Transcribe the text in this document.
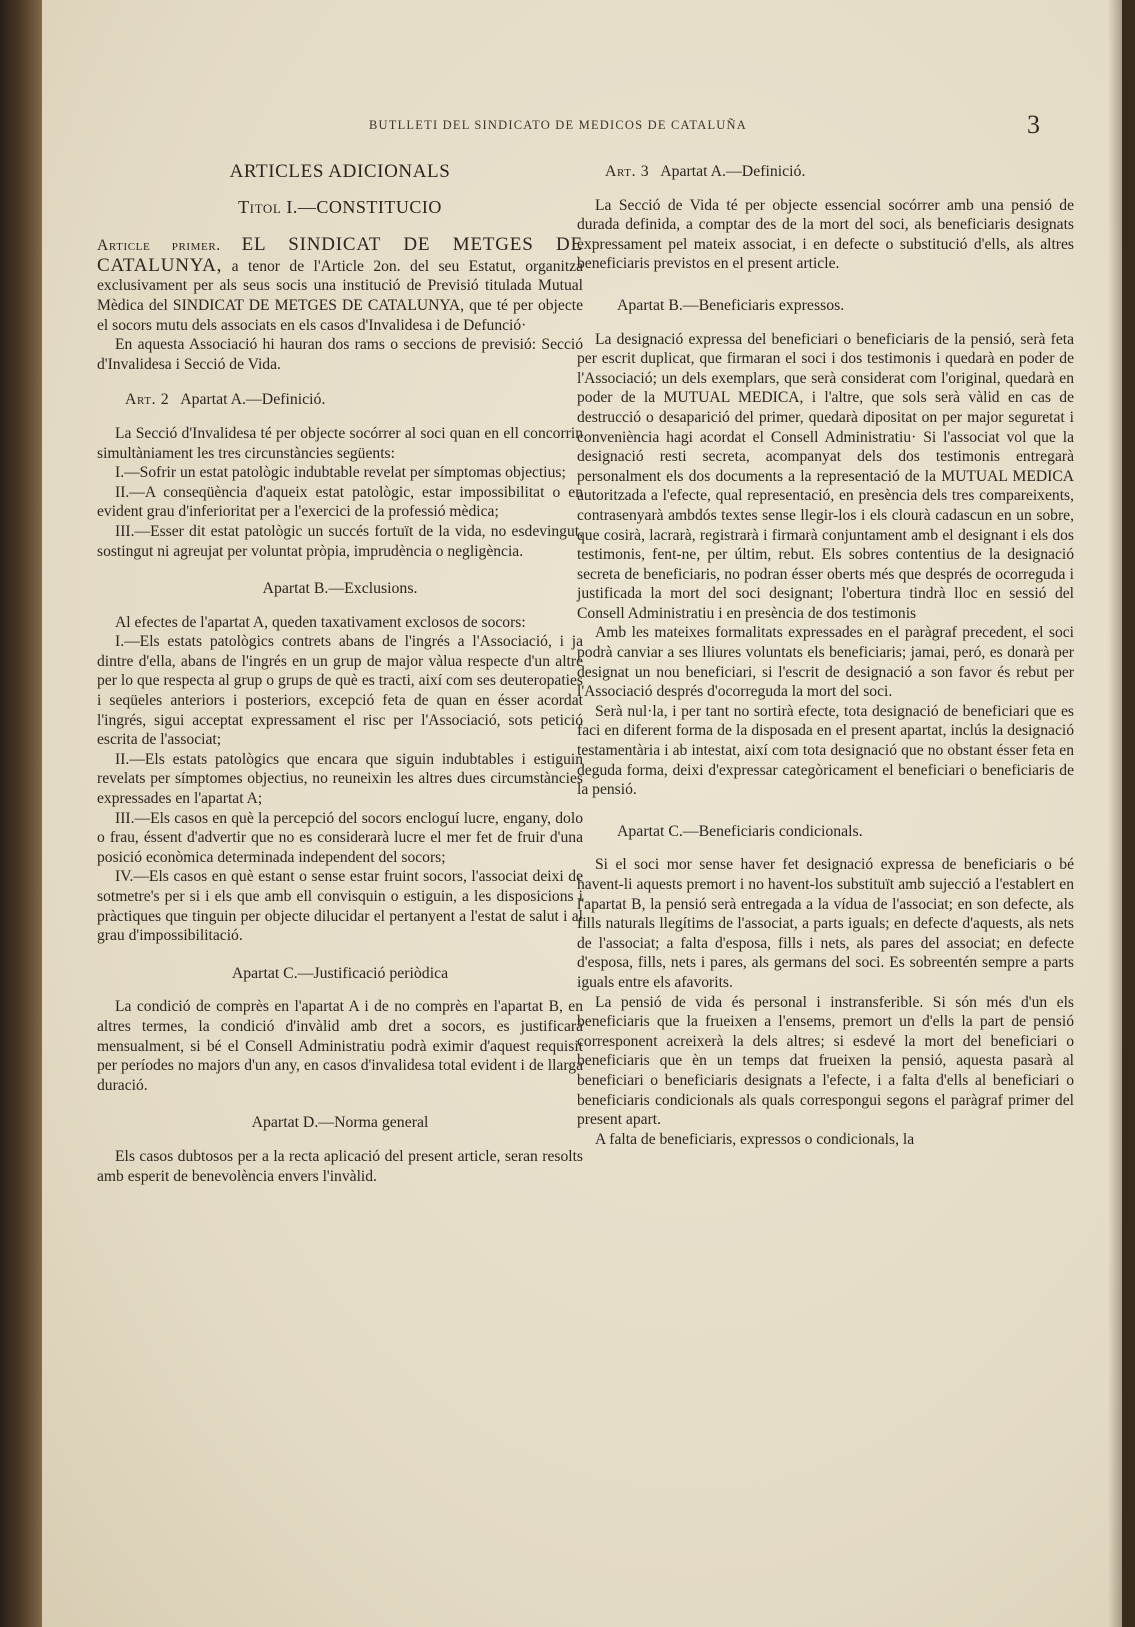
BUTLLETI DEL SINDICATO DE MEDICOS DE CATALUÑA	3
ARTICLES ADICIONALS
Titol I.—CONSTITUCIO

Article primer. EL SINDICAT DE METGES DE CATALUNYA, a tenor de l'Article 2on. del seu Estatut, organitza exclusivament per als seus socis una institució de Previsió titulada Mutual Mèdica del SINDICAT DE METGES DE CATALUNYA, que té per objecte el socors mutu dels associats en els casos d'Invalidesa i de Defunció·

En aquesta Associació hi hauran dos rams o seccions de previsió: Secció d'Invalidesa i Secció de Vida.

Art. 2 Apartat A.—Definició.

La Secció d'Invalidesa té per objecte socórrer al soci quan en ell concorrin simultàniament les tres circunstàncies següents:

I.—Sofrir un estat patològic indubtable revelat per símptomas objectius;

II.—A conseqüència d'aqueix estat patològic, estar impossibilitat o en evident grau d'inferioritat per a l'exercici de la professió mèdica;

III.—Esser dit estat patològic un succés fortuït de la vida, no esdevingut, sostingut ni agreujat per voluntat pròpia, imprudència o negligència.

Apartat B.—Exclusions.

Al efectes de l'apartat A, queden taxativament exclosos de socors:

I.—Els estats patològics contrets abans de l'ingrés a l'Associació, i ja dintre d'ella, abans de l'ingrés en un grup de major vàlua respecte d'un altre per lo que respecta al grup o grups de què es tracti, així com ses deuteropaties i seqüeles anteriors i posteriors, excepció feta de quan en ésser acordat l'ingrés, sigui acceptat expressament el risc per l'Associació, sots petició escrita de l'associat;

II.—Els estats patològics que encara que siguin indubtables i estiguin revelats per símptomes objectius, no reuneixin les altres dues circumstàncies expressades en l'apartat A;

III.—Els casos en què la percepció del socors encloguí lucre, engany, dolo o frau, éssent d'advertir que no es considerarà lucre el mer fet de fruir d'una posició econòmica determinada independent del socors;

IV.—Els casos en què estant o sense estar fruint socors, l'associat deixi de sotmetre's per si i els que amb ell convisquin o estiguin, a les disposicions i pràctiques que tinguin per objecte dilucidar el pertanyent a l'estat de salut i al grau d'impossibilitació.

Apartat C.—Justificació periòdica

La condició de comprès en l'apartat A i de no comprès en l'apartat B, en altres termes, la condició d'invàlid amb dret a socors, es justificarà mensualment, si bé el Consell Administratiu podrà eximir d'aquest requisit per períodes no majors d'un any, en casos d'invalidesa total evident i de llarga duració.

Apartat D.—Norma general

Els casos dubtosos per a la recta aplicació del present article, seran resolts amb esperit de benevolència envers l'invàlid.

Art. 3 Apartat A.—Definició.

La Secció de Vida té per objecte essencial socórrer amb una pensió de durada definida, a comptar des de la mort del soci, als beneficiaris designats expressament pel mateix associat, i en defecte o substitució d'ells, als altres beneficiaris previstos en el present article.

Apartat B.—Beneficiaris expressos.

La designació expressa del beneficiari o beneficiaris de la pensió, serà feta per escrit duplicat, que firmaran el soci i dos testimonis i quedarà en poder de l'Associació; un dels exemplars, que serà considerat com l'original, quedarà en poder de la MUTUAL MEDICA, i l'altre, que sols serà vàlid en cas de destrucció o desaparició del primer, quedarà dipositat on per major seguretat i conveniència hagi acordat el Consell Administratiu· Si l'associat vol que la designació resti secreta, acompanyat dels dos testimonis entregarà personalment els dos documents a la representació de la MUTUAL MEDICA autoritzada a l'efecte, qual representació, en presència dels tres compareixents, contrasenyarà ambdós textes sense llegir-los i els clourà cadascun en un sobre, que cosirà, lacrarà, registrarà i firmarà conjuntament amb el designant i els dos testimonis, fent-ne, per últim, rebut. Els sobres contentius de la designació secreta de beneficiaris, no podran ésser oberts més que després de ocorreguda i justificada la mort del soci designant; l'obertura tindrà lloc en sessió del Consell Administratiu i en presència de dos testimonis

Amb les mateixes formalitats expressades en el paràgraf precedent, el soci podrà canviar a ses lliures voluntats els beneficiaris; jamai, peró, es donarà per designat un nou beneficiari, si l'escrit de designació a son favor és rebut per l'Associació després d'ocorreguda la mort del soci.

Serà nul·la, i per tant no sortirà efecte, tota designació de beneficiari que es faci en diferent forma de la disposada en el present apartat, inclús la designació testamentària i ab intestat, així com tota designació que no obstant ésser feta en deguda forma, deixi d'expressar categòricament el beneficiari o beneficiaris de la pensió.

Apartat C.—Beneficiaris condicionals.

Si el soci mor sense haver fet designació expressa de beneficiaris o bé havent-li aquests premort i no havent-los substituït amb sujecció a l'establert en l'apartat B, la pensió serà entregada a la vídua de l'associat; en son defecte, als fills naturals llegítims de l'associat, a parts iguals; en defecte d'aquests, als nets de l'associat; a falta d'esposa, fills i nets, als pares del associat; en defecte d'esposa, fills, nets i pares, als germans del soci. Es sobreentén sempre a parts iguals entre els afavorits.

La pensió de vida és personal i instransferible. Si són més d'un els beneficiaris que la frueixen a l'ensems, premort un d'ells la part de pensió corresponent acreixerà la dels altres; si esdevé la mort del beneficiari o beneficiaris que èn un temps dat frueixen la pensió, aquesta pasarà al beneficiari o beneficiaris designats a l'efecte, i a falta d'ells al beneficiari o beneficiaris condicionals als quals correspongui segons el paràgraf primer del present apart.

A falta de beneficiaris, expressos o condicionals, la
